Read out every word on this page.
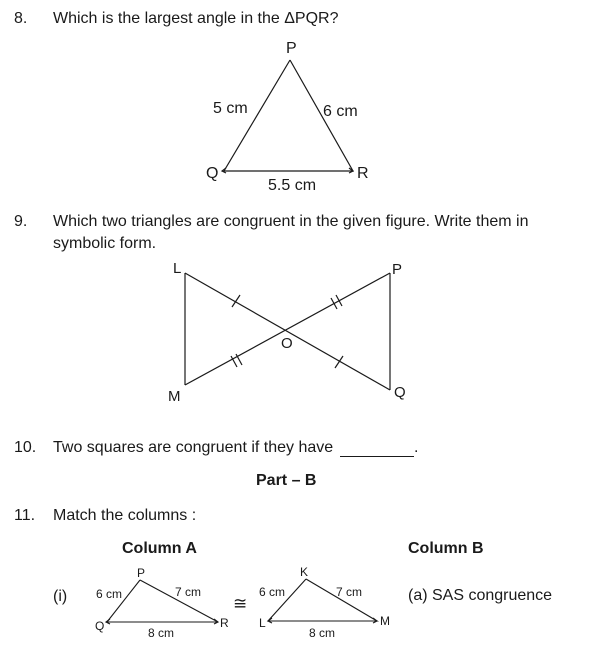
8. Which is the largest angle in the ΔPQR?
9. Which two triangles are congruent in the given figure. Write them in
symbolic form.
10. Two squares are congruent if they have	.
Part – B
11. Match the columns :
Column A	Column B
(i)	(a) SAS congruence
P
Q	R
5 cm	6 cm
5.5 cm
L
M
O
P
Q
P
Q	R
6 cm	7 cm
8 cm
≅
K
L	M
6 cm	7 cm
8 cm
